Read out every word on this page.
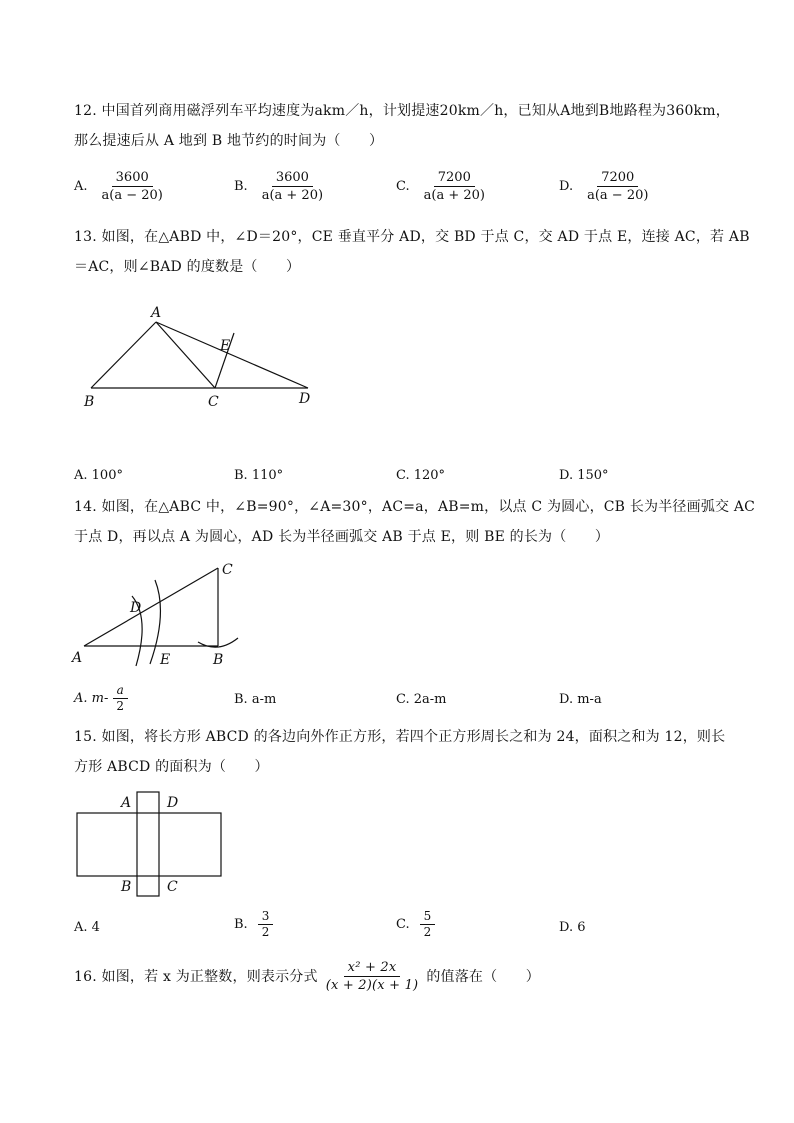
12. 中国首列商用磁浮列车平均速度为akm／h，计划提速20km／h，已知从A地到B地路程为360km，
那么提速后从 A 地到 B 地节约的时间为（　　）
A. $\frac{3600}{a(a - 20)}$	B. $\frac{3600}{a(a + 20)}$	C. $\frac{7200}{a(a + 20)}$	D. $\frac{7200}{a(a - 20)}$
13. 如图，在△ABD 中，∠D＝20°，CE 垂直平分 AD，交 BD 于点 C，交 AD 于点 E，连接 AC，若 AB
＝AC，则∠BAD 的度数是（　　）
A
B	C	D
E
A. 100°	B. 110°	C. 120°	D. 150°
14. 如图，在△ABC 中，∠B=90°，∠A=30°，AC=a，AB=m，以点 C 为圆心，CB 长为半径画弧交 AC
于点 D，再以点 A 为圆心，AD 长为半径画弧交 AB 于点 E，则 BE 的长为（　　）
A	E	B
C
D
A. $m- \frac{a}{2}$	B. a-m	C. 2a-m	D. m-a
15. 如图，将长方形 ABCD 的各边向外作正方形，若四个正方形周长之和为 24，面积之和为 12，则长
方形 ABCD 的面积为（　　）
A	D
B	C
A. 4	B. $\frac{3}{2}$	C. $\frac{5}{2}$	D. 6
16. 如图，若 x 为正整数，则表示分式 $\frac{\text{x² + 2x}}{(x + 2)(x + 1)}$ 的值落在（　　）
